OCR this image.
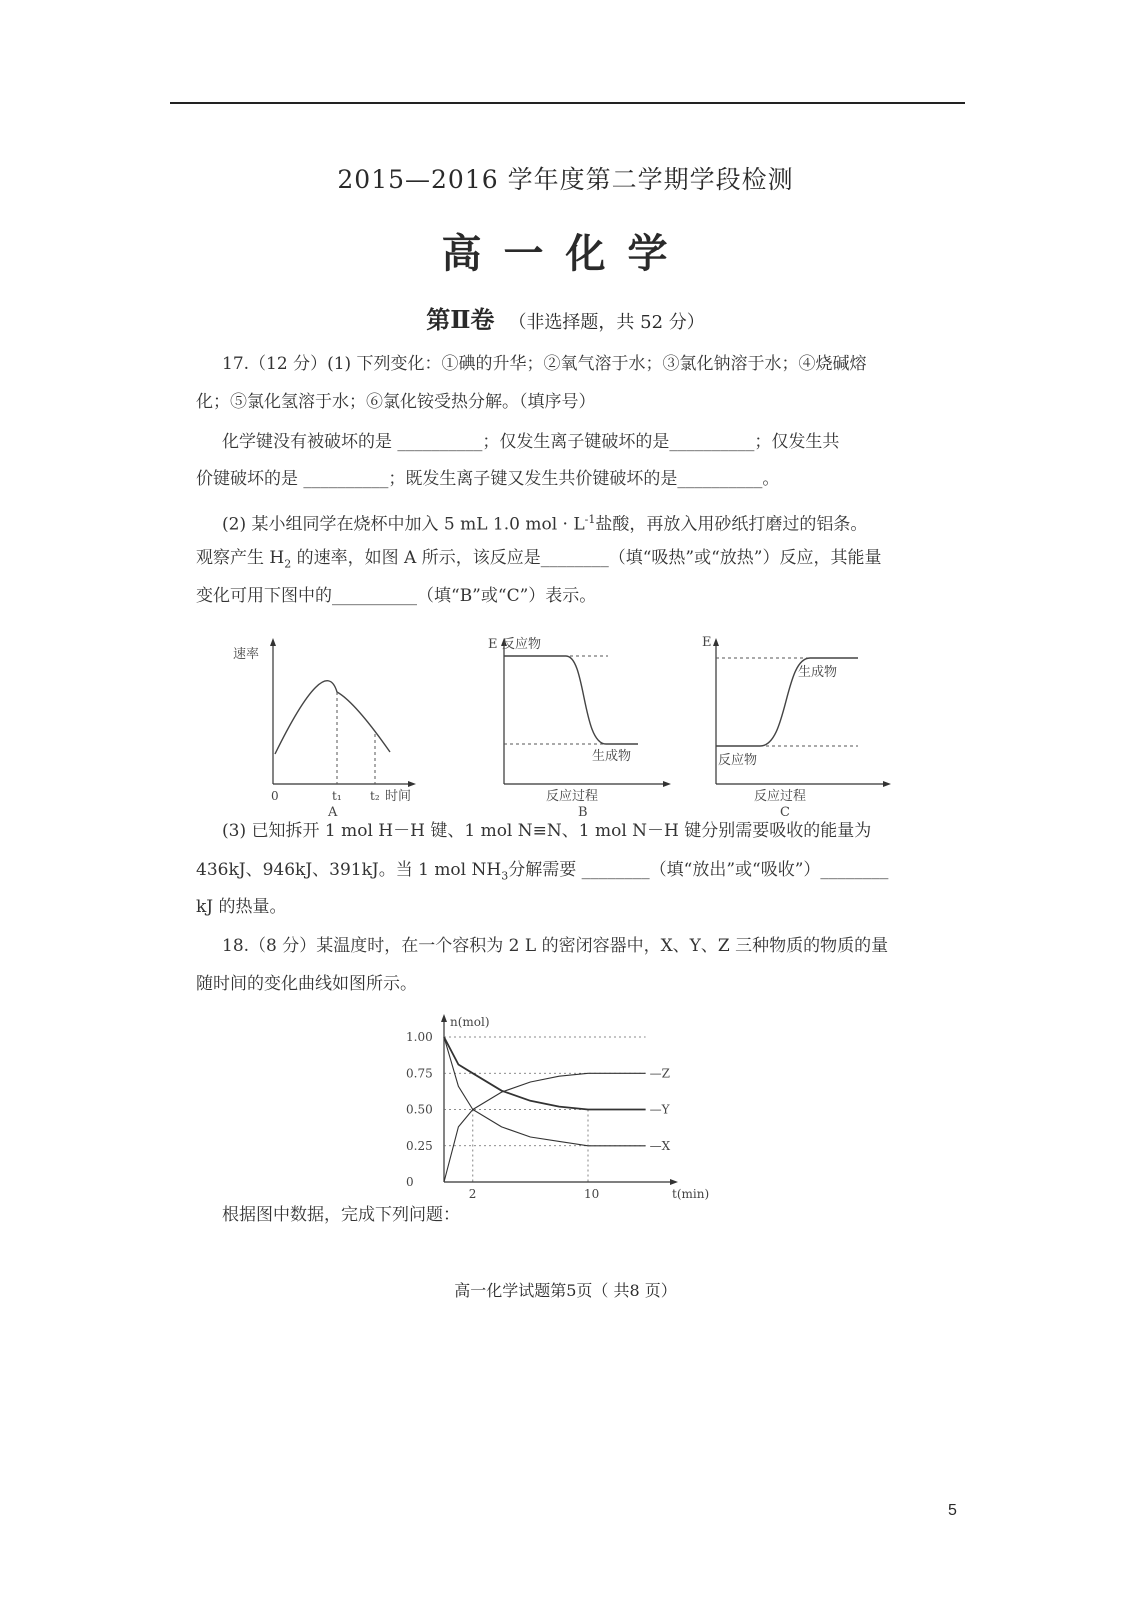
2015—2016 学年度第二学期学段检测
高一化学
第Ⅱ卷 （非选择题，共 52 分）
17.（12 分）(1) 下列变化：①碘的升华；②氧气溶于水；③氯化钠溶于水；④烧碱熔
化；⑤氯化氢溶于水；⑥氯化铵受热分解。（填序号）
化学键没有被破坏的是 __________；仅发生离子键破坏的是__________；仅发生共
价键破坏的是 __________；既发生离子键又发生共价键破坏的是__________。
(2) 某小组同学在烧杯中加入 5 mL 1.0 mol · $L^{-1}$盐酸，再放入用砂纸打磨过的铝条。
观察产生 $H_2$ 的速率，如图 A 所示，该反应是________（填“吸热”或“放热”）反应，其能量
变化可用下图中的__________（填“B”或“C”）表示。
速率
0	t₁ t₂ 时间
A
E 反应物
生成物
反应过程
B
E
生成物
反应物
反应过程
C
(3) 已知拆开 1 mol H－H 键、1 mol N≡N、1 mol N－H 键分别需要吸收的能量为
436kJ、946kJ、391kJ。当 1 mol $NH_3$分解需要 ________（填“放出”或“吸收”）________
kJ 的热量。
18.（8 分）某温度时，在一个容积为 2 L 的密闭容器中，X、Y、Z 三种物质的物质的量
随时间的变化曲线如图所示。
n(mol)
t(min)
1.00
0.75
0.50
0.25
0
2	10
—Z
—Y
—X
根据图中数据，完成下列问题：
高一化学试题第5页（ 共8 页）
5
